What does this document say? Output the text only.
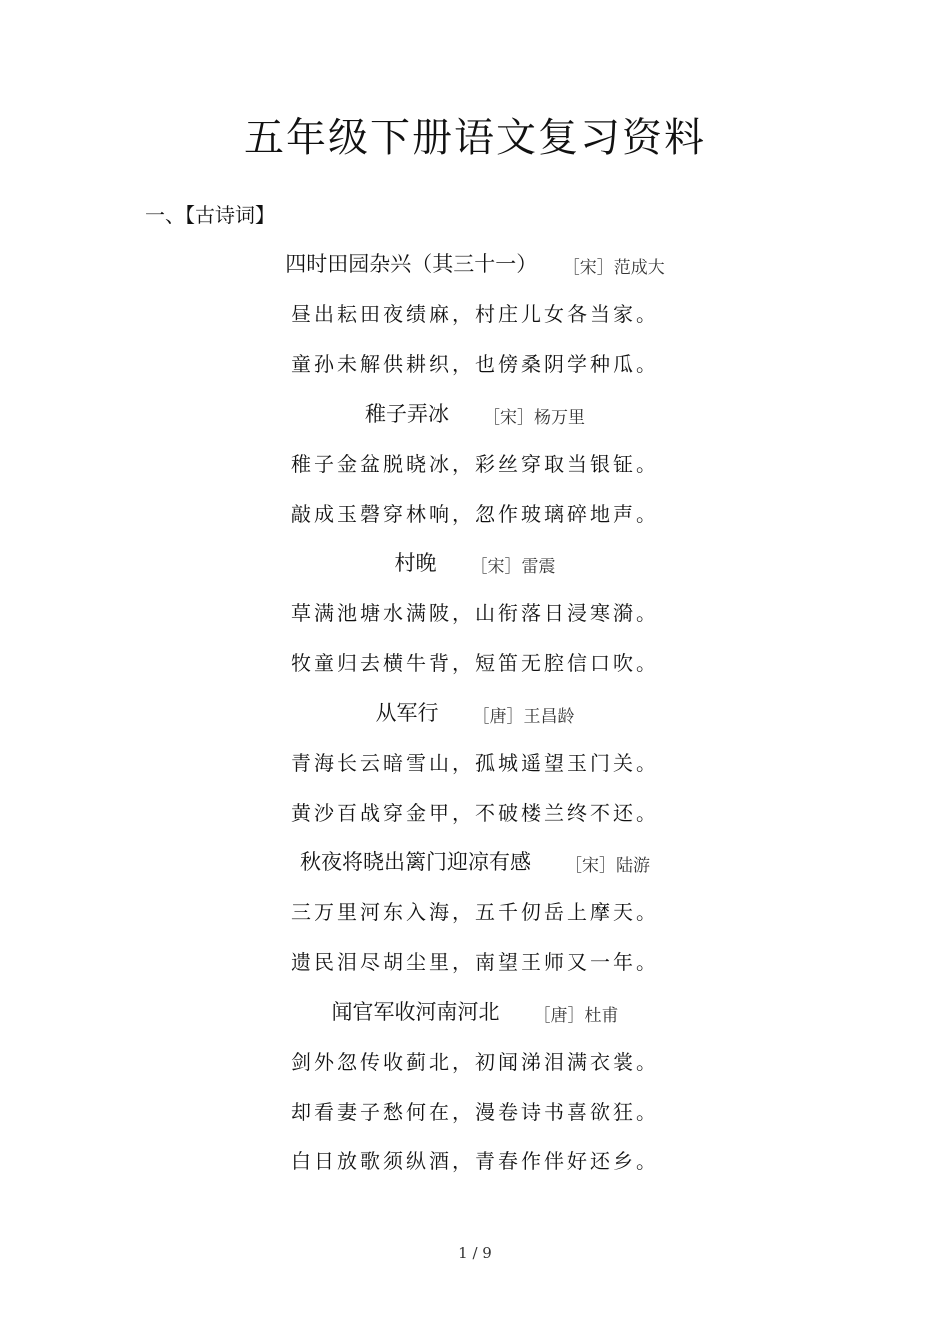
五年级下册语文复习资料
一、【古诗词】
四时田园杂兴（其三十一） ［宋］范成大
昼出耘田夜绩麻，村庄儿女各当家。
童孙未解供耕织，也傍桑阴学种瓜。
稚子弄冰 ［宋］杨万里
稚子金盆脱晓冰，彩丝穿取当银钲。
敲成玉磬穿林响，忽作玻璃碎地声。
村晚 ［宋］雷震
草满池塘水满陂，山衔落日浸寒漪。
牧童归去横牛背，短笛无腔信口吹。
从军行 ［唐］王昌龄
青海长云暗雪山，孤城遥望玉门关。
黄沙百战穿金甲，不破楼兰终不还。
秋夜将晓出篱门迎凉有感 ［宋］陆游
三万里河东入海，五千仞岳上摩天。
遗民泪尽胡尘里，南望王师又一年。
闻官军收河南河北 ［唐］杜甫
剑外忽传收蓟北，初闻涕泪满衣裳。
却看妻子愁何在，漫卷诗书喜欲狂。
白日放歌须纵酒，青春作伴好还乡。
1 / 9
